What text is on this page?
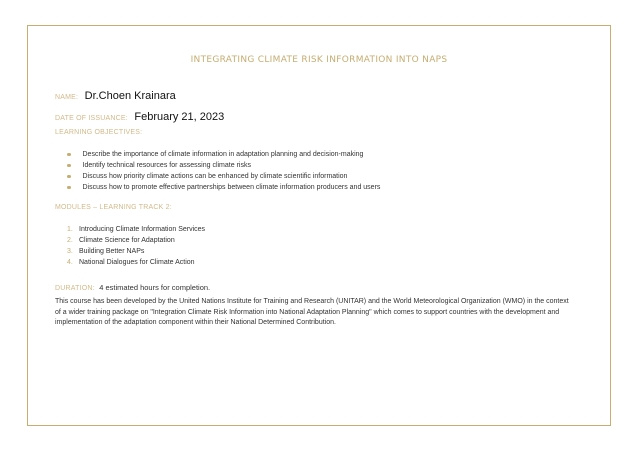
INTEGRATING CLIMATE RISK INFORMATION INTO NAPS
NAME: Dr.Choen Krainara
DATE OF ISSUANCE: February 21, 2023
LEARNING OBJECTIVES:
Describe the importance of climate information in adaptation planning and decision-making
Identify technical resources for assessing climate risks
Discuss how priority climate actions can be enhanced by climate scientific information
Discuss how to promote effective partnerships between climate information producers and users
MODULES – LEARNING TRACK 2:
1. Introducing Climate Information Services
2. Climate Science for Adaptation
3. Building Better NAPs
4. National Dialogues for Climate Action
DURATION: 4 estimated hours for completion.
This course has been developed by the United Nations Institute for Training and Research (UNITAR) and the World Meteorological Organization (WMO) in the context of a wider training package on "Integration Climate Risk Information into National Adaptation Planning" which comes to support countries with the development and implementation of the adaptation component within their National Determined Contribution.
